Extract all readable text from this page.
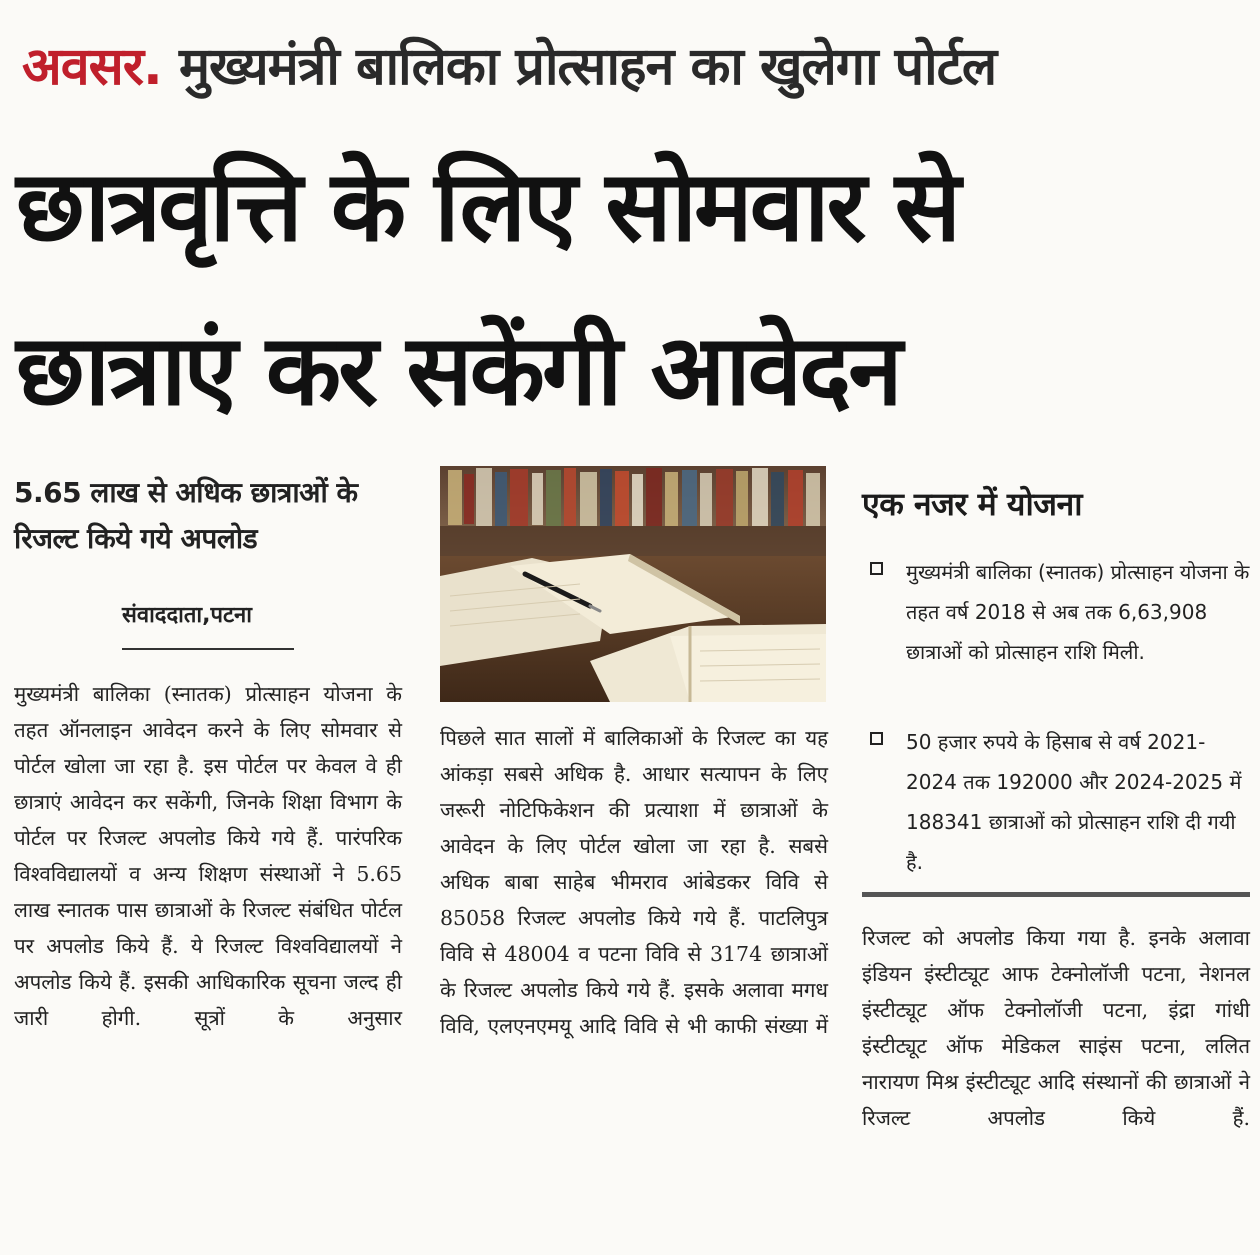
अवसर. मुख्यमंत्री बालिका प्रोत्साहन का खुलेगा पोर्टल
छात्रवृत्ति के लिए सोमवार से
छात्राएं कर सकेंगी आवेदन
5.65 लाख से अधिक छात्राओं के रिजल्ट किये गये अपलोड
संवाददाता,पटना
मुख्यमंत्री बालिका (स्नातक) प्रोत्साहन योजना के तहत ऑनलाइन आवेदन करने के लिए सोमवार से पोर्टल खोला जा रहा है. इस पोर्टल पर केवल वे ही छात्राएं आवेदन कर सकेंगी, जिनके शिक्षा विभाग के पोर्टल पर रिजल्ट अपलोड किये गये हैं. पारंपरिक विश्वविद्यालयों व अन्य शिक्षण संस्थाओं ने 5.65 लाख स्नातक पास छात्राओं के रिजल्ट संबंधित पोर्टल पर अपलोड किये हैं. ये रिजल्ट विश्वविद्यालयों ने अपलोड किये हैं. इसकी आधिकारिक सूचना जल्द ही जारी होगी. सूत्रों के अनुसार
पिछले सात सालों में बालिकाओं के रिजल्ट का यह आंकड़ा सबसे अधिक है. आधार सत्यापन के लिए जरूरी नोटिफिकेशन की प्रत्याशा में छात्राओं के आवेदन के लिए पोर्टल खोला जा रहा है. सबसे अधिक बाबा साहेब भीमराव आंबेडकर विवि से 85058 रिजल्ट अपलोड किये गये हैं. पाटलिपुत्र विवि से 48004 व पटना विवि से 3174 छात्राओं के रिजल्ट अपलोड किये गये हैं. इसके अलावा मगध विवि, एलएनएमयू आदि विवि से भी काफी संख्या में
एक नजर में योजना
मुख्यमंत्री बालिका (स्नातक) प्रोत्साहन योजना के तहत वर्ष 2018 से अब तक 6,63,908 छात्राओं को प्रोत्साहन राशि मिली.
50 हजार रुपये के हिसाब से वर्ष 2021-2024 तक 192000 और 2024-2025 में 188341 छात्राओं को प्रोत्साहन राशि दी गयी है.
रिजल्ट को अपलोड किया गया है. इनके अलावा इंडियन इंस्टीट्यूट आफ टेक्नोलॉजी पटना, नेशनल इंस्टीट्यूट ऑफ टेक्नोलॉजी पटना, इंद्रा गांधी इंस्टीट्यूट ऑफ मेडिकल साइंस पटना, ललित नारायण मिश्र इंस्टीट्यूट आदि संस्थानों की छात्राओं ने रिजल्ट अपलोड किये हैं.
